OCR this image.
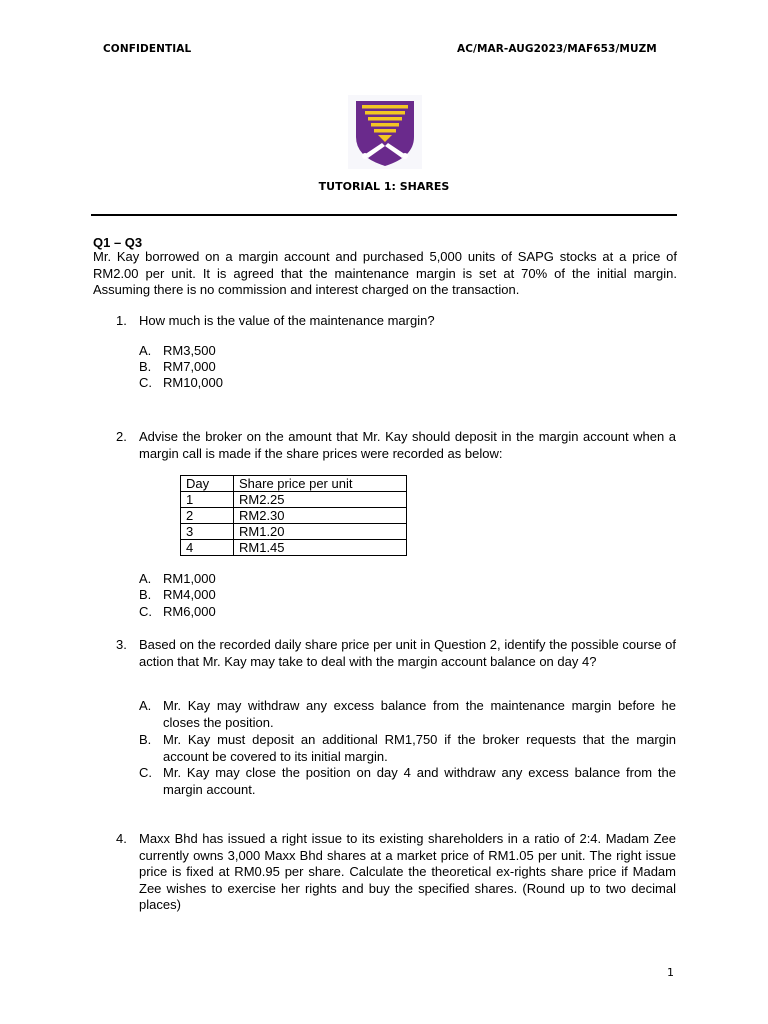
CONFIDENTIAL	AC/MAR-AUG2023/MAF653/MUZM
TUTORIAL 1: SHARES
Q1 – Q3
Mr. Kay borrowed on a margin account and purchased 5,000 units of SAPG stocks at a price of RM2.00 per unit. It is agreed that the maintenance margin is set at 70% of the initial margin. Assuming there is no commission and interest charged on the transaction.
1. How much is the value of the maintenance margin?
A. RM3,500
B. RM7,000
C. RM10,000
2. Advise the broker on the amount that Mr. Kay should deposit in the margin account when a margin call is made if the share prices were recorded as below:
Day	Share price per unit
1	RM2.25
2	RM2.30
3	RM1.20
4	RM1.45
A. RM1,000
B. RM4,000
C. RM6,000
3. Based on the recorded daily share price per unit in Question 2, identify the possible course of action that Mr. Kay may take to deal with the margin account balance on day 4?
A. Mr. Kay may withdraw any excess balance from the maintenance margin before he closes the position.
B. Mr. Kay must deposit an additional RM1,750 if the broker requests that the margin account be covered to its initial margin.
C. Mr. Kay may close the position on day 4 and withdraw any excess balance from the margin account.
4. Maxx Bhd has issued a right issue to its existing shareholders in a ratio of 2:4. Madam Zee currently owns 3,000 Maxx Bhd shares at a market price of RM1.05 per unit. The right issue price is fixed at RM0.95 per share. Calculate the theoretical ex-rights share price if Madam Zee wishes to exercise her rights and buy the specified shares. (Round up to two decimal places)
1
